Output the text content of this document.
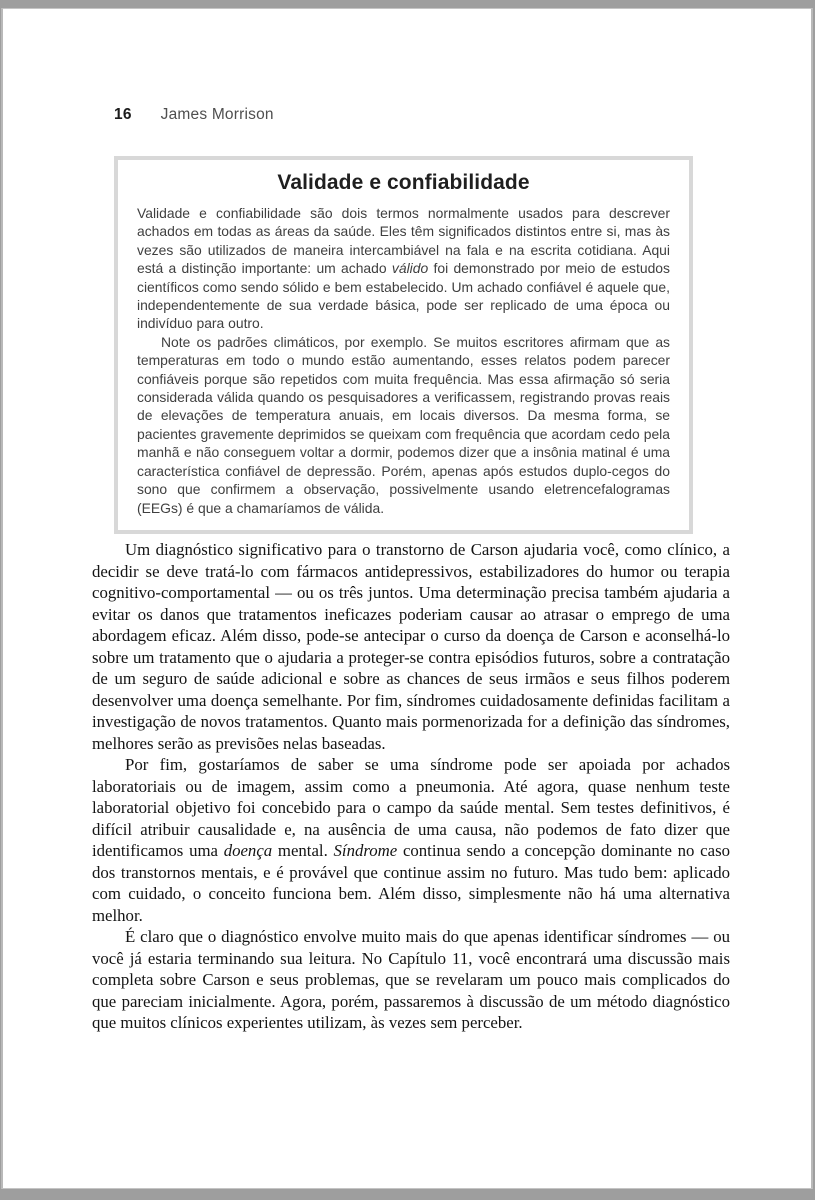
16 James Morrison
Validade e confiabilidade

Validade e confiabilidade são dois termos normalmente usados para descrever achados em todas as áreas da saúde. Eles têm significados distintos entre si, mas às vezes são utilizados de maneira intercambiável na fala e na escrita cotidiana. Aqui está a distinção importante: um achado válido foi demonstrado por meio de estudos científicos como sendo sólido e bem estabelecido. Um achado confiável é aquele que, independentemente de sua verdade básica, pode ser replicado de uma época ou indivíduo para outro.

Note os padrões climáticos, por exemplo. Se muitos escritores afirmam que as temperaturas em todo o mundo estão aumentando, esses relatos podem parecer confiáveis porque são repetidos com muita frequência. Mas essa afirmação só seria considerada válida quando os pesquisadores a verificassem, registrando provas reais de elevações de temperatura anuais, em locais diversos. Da mesma forma, se pacientes gravemente deprimidos se queixam com frequência que acordam cedo pela manhã e não conseguem voltar a dormir, podemos dizer que a insônia matinal é uma característica confiável de depressão. Porém, apenas após estudos duplo-cegos do sono que confirmem a observação, possivelmente usando eletrencefalogramas (EEGs) é que a chamaríamos de válida.

Um diagnóstico significativo para o transtorno de Carson ajudaria você, como clínico, a decidir se deve tratá-lo com fármacos antidepressivos, estabilizadores do humor ou terapia cognitivo-comportamental — ou os três juntos. Uma determinação precisa também ajudaria a evitar os danos que tratamentos ineficazes poderiam causar ao atrasar o emprego de uma abordagem eficaz. Além disso, pode-se antecipar o curso da doença de Carson e aconselhá-lo sobre um tratamento que o ajudaria a proteger-se contra episódios futuros, sobre a contratação de um seguro de saúde adicional e sobre as chances de seus irmãos e seus filhos poderem desenvolver uma doença semelhante. Por fim, síndromes cuidadosamente definidas facilitam a investigação de novos tratamentos. Quanto mais pormenorizada for a definição das síndromes, melhores serão as previsões nelas baseadas.

Por fim, gostaríamos de saber se uma síndrome pode ser apoiada por achados laboratoriais ou de imagem, assim como a pneumonia. Até agora, quase nenhum teste laboratorial objetivo foi concebido para o campo da saúde mental. Sem testes definitivos, é difícil atribuir causalidade e, na ausência de uma causa, não podemos de fato dizer que identificamos uma doença mental. Síndrome continua sendo a concepção dominante no caso dos transtornos mentais, e é provável que continue assim no futuro. Mas tudo bem: aplicado com cuidado, o conceito funciona bem. Além disso, simplesmente não há uma alternativa melhor.

É claro que o diagnóstico envolve muito mais do que apenas identificar síndromes — ou você já estaria terminando sua leitura. No Capítulo 11, você encontrará uma discussão mais completa sobre Carson e seus problemas, que se revelaram um pouco mais complicados do que pareciam inicialmente. Agora, porém, passaremos à discussão de um método diagnóstico que muitos clínicos experientes utilizam, às vezes sem perceber.
